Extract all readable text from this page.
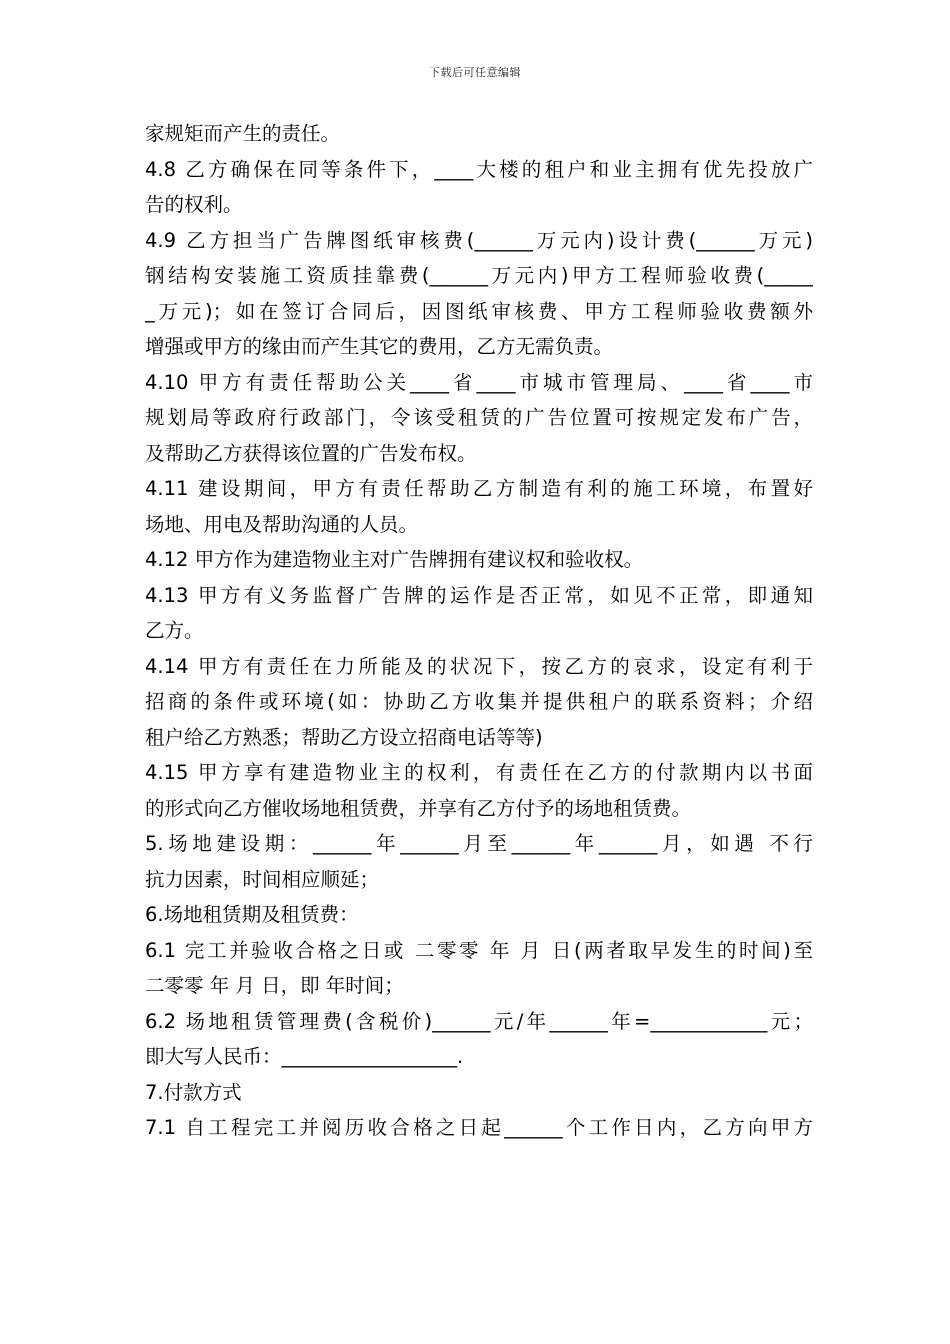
下载后可任意编辑
家规矩而产生的责任。
4.8 乙方确保在同等条件下，____大楼的租户和业主拥有优先投放广
告的权利。
4.9 乙方担当广告牌图纸审核费(______万元内)设计费(______万元)
钢结构安装施工资质挂靠费(______万元内)甲方工程师验收费(_____
_万元)；如在签订合同后，因图纸审核费、甲方工程师验收费额外
增强或甲方的缘由而产生其它的费用，乙方无需负责。
4.10 甲方有责任帮助公关____省____市城市管理局、____省____市
规划局等政府行政部门，令该受租赁的广告位置可按规定发布广告，
及帮助乙方获得该位置的广告发布权。
4.11 建设期间，甲方有责任帮助乙方制造有利的施工环境，布置好
场地、用电及帮助沟通的人员。
4.12 甲方作为建造物业主对广告牌拥有建议权和验收权。
4.13 甲方有义务监督广告牌的运作是否正常，如见不正常，即通知
乙方。
4.14 甲方有责任在力所能及的状况下，按乙方的哀求，设定有利于
招商的条件或环境(如：协助乙方收集并提供租户的联系资料；介绍
租户给乙方熟悉；帮助乙方设立招商电话等等)
4.15 甲方享有建造物业主的权利，有责任在乙方的付款期内以书面
的形式向乙方催收场地租赁费，并享有乙方付予的场地租赁费。
5.场地建设期：______年______月至______年______月，如遇 不行
抗力因素，时间相应顺延；
6.场地租赁期及租赁费：
6.1 完工并验收合格之日或 二零零 年 月 日(两者取早发生的时间)至
二零零 年 月 日，即 年时间；
6.2 场地租赁管理费(含税价)______元/年______年=____________元；
即大写人民币：__________________.
7.付款方式
7.1 自工程完工并阅历收合格之日起______个工作日内，乙方向甲方
